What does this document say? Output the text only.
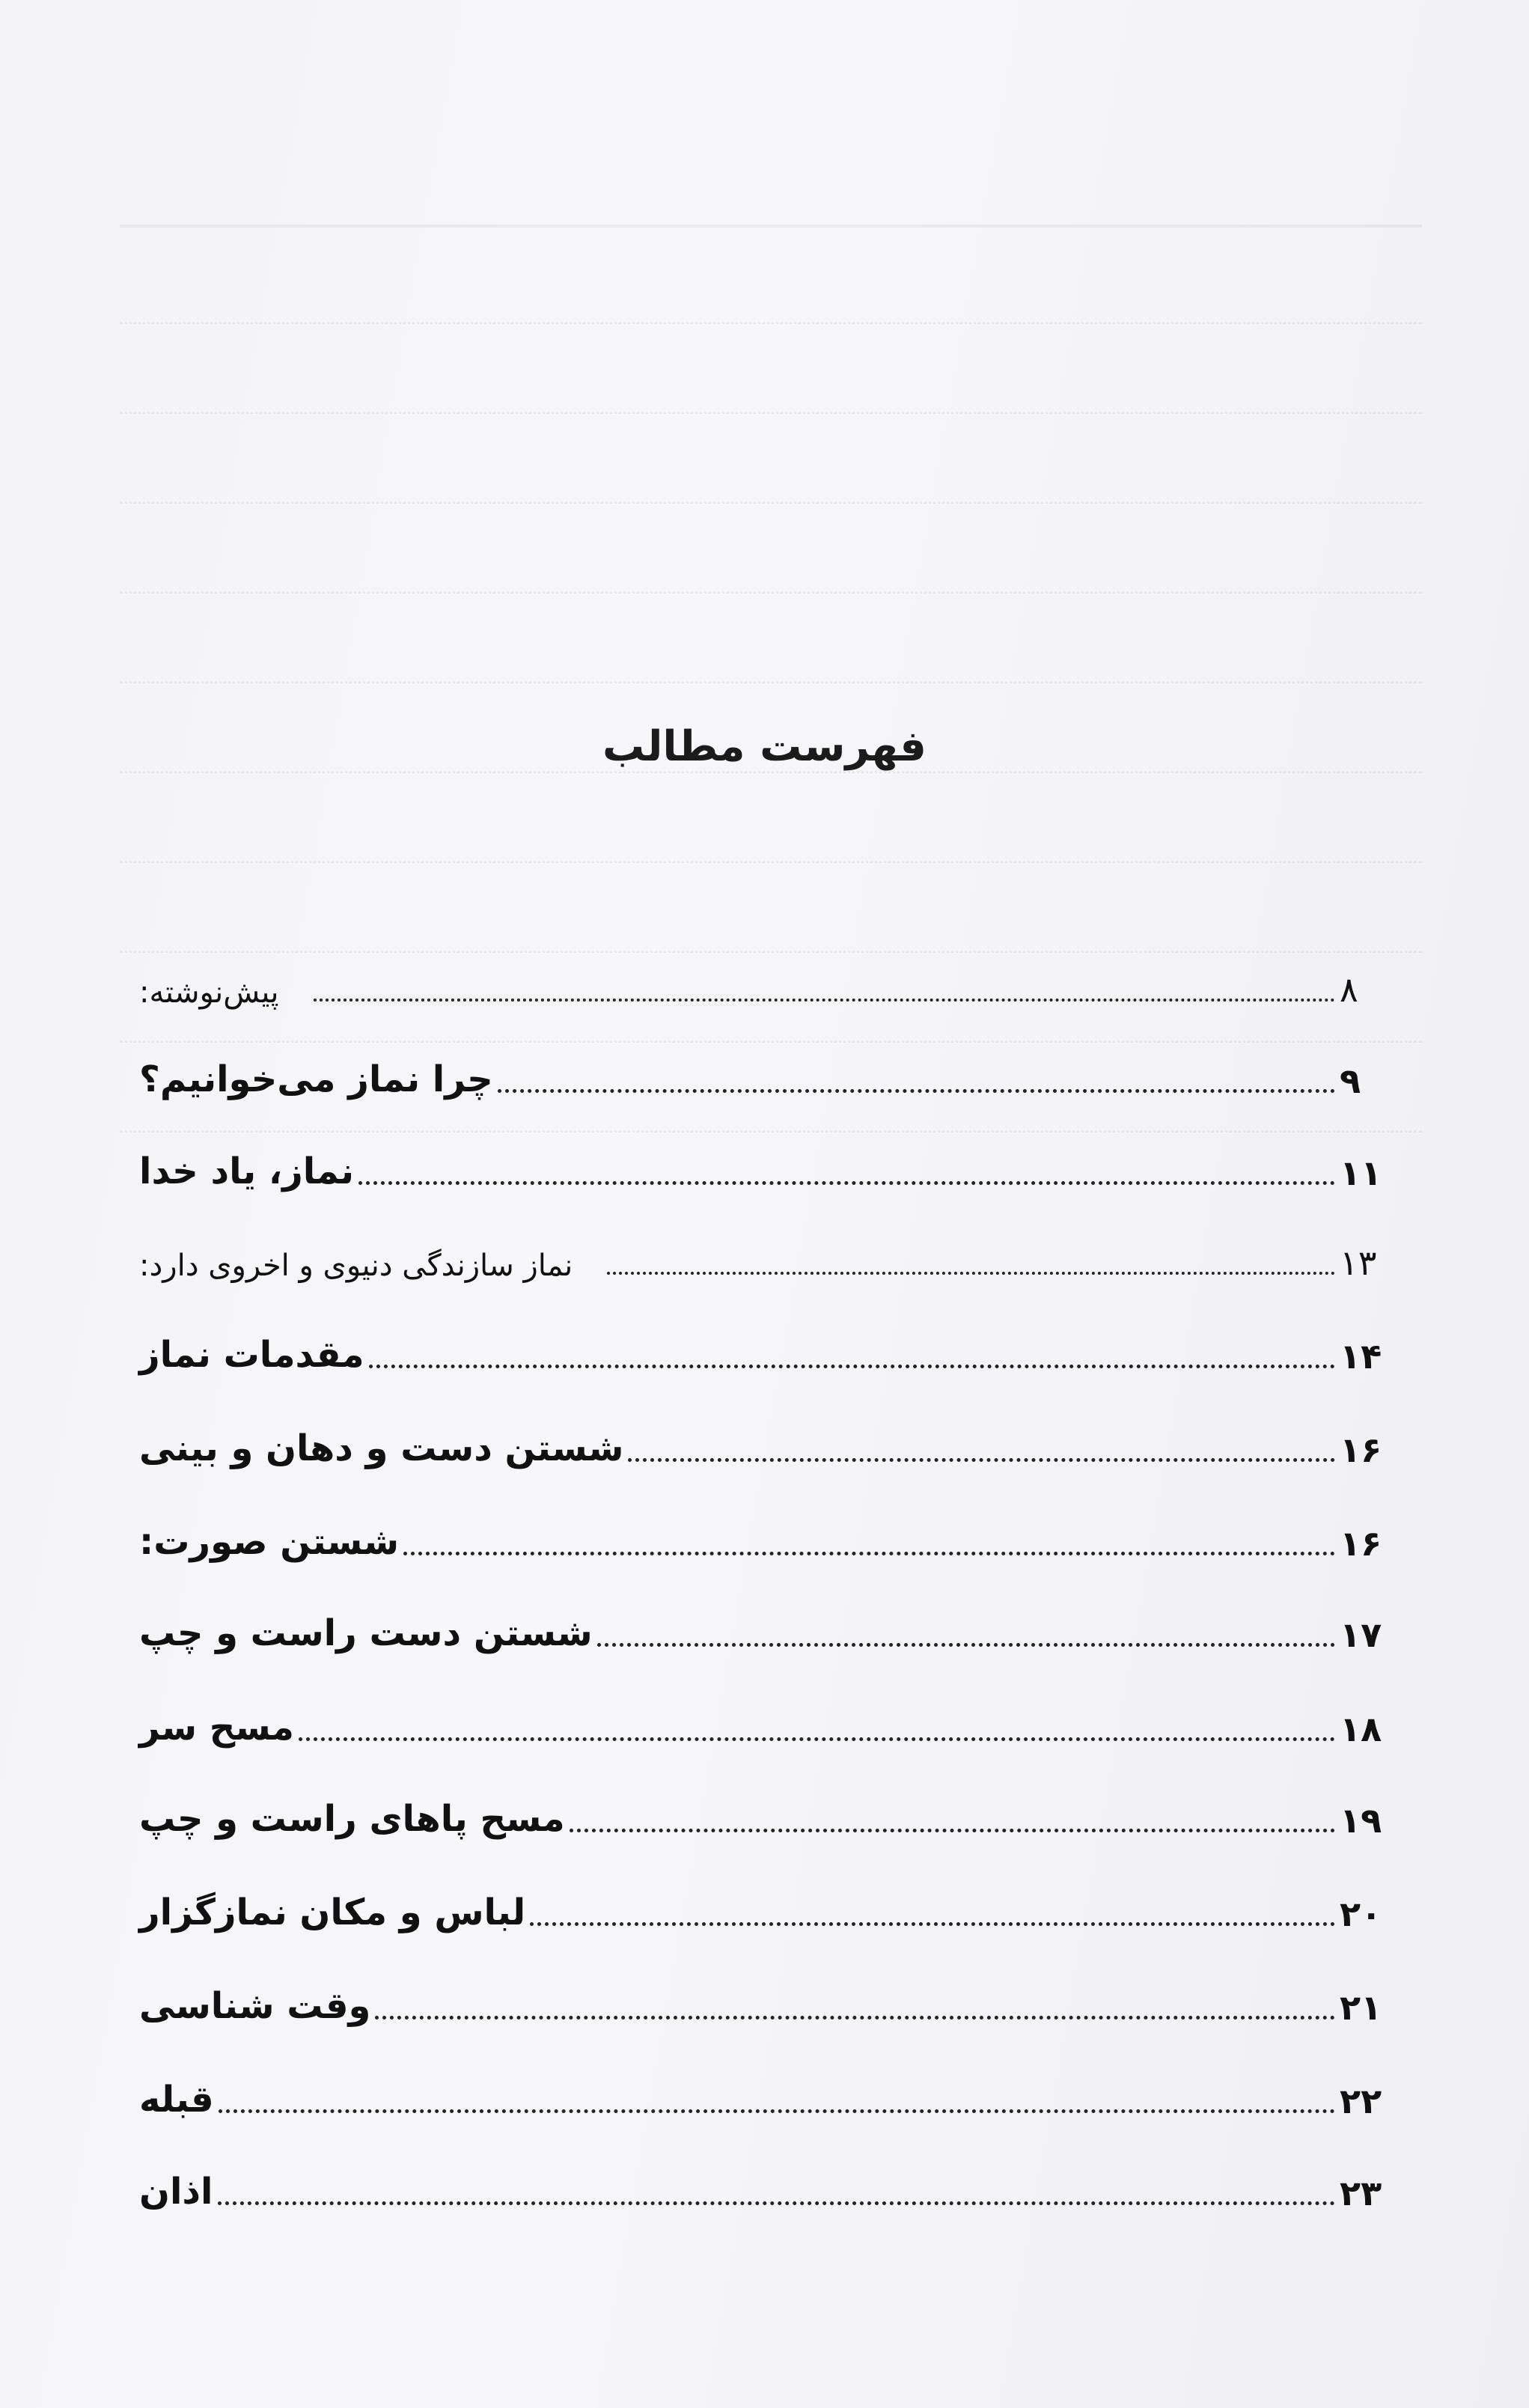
فهرست مطالب
پیش‌نوشته:	۸
چرا نماز می‌خوانیم؟	۹
نماز، یاد خدا	۱۱
نماز سازندگی دنیوی و اخروی دارد:	۱۳
مقدمات نماز	۱۴
شستن دست و دهان و بینی	۱۶
شستن صورت:	۱۶
شستن دست راست و چپ	۱۷
مسح سر	۱۸
مسح پاهای راست و چپ	۱۹
لباس و مکان نمازگزار	۲۰
وقت شناسی	۲۱
قبله	۲۲
اذان	۲۳
